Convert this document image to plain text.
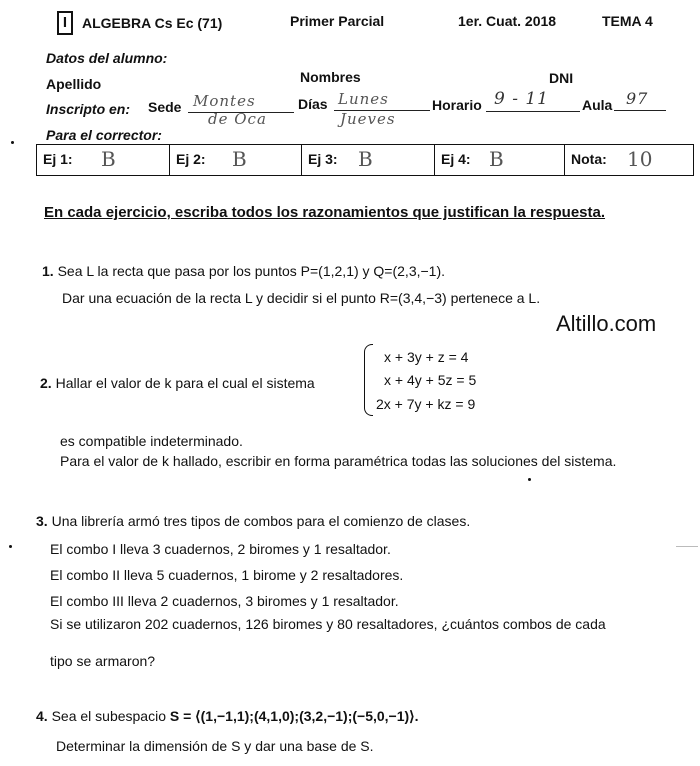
I	ALGEBRA Cs Ec (71)	Primer Parcial	1er. Cuat. 2018	TEMA 4
Datos del alumno:
Apellido	Nombres	DNI
Inscripto en: Sede Montes
de Oca
Días Lunes
Jueves
Horario 9 - 11 Aula 97
Para el corrector:
Ej 1: B	Ej 2: B	Ej 3: B	Ej 4: B	Nota: 10
En cada ejercicio, escriba todos los razonamientos que justifican la respuesta.
1. Sea L la recta que pasa por los puntos P=(1,2,1) y Q=(2,3,−1).
Dar una ecuación de la recta L y decidir si el punto R=(3,4,−3) pertenece a L.
Altillo.com
2. Hallar el valor de k para el cual el sistema
x + 3y + z = 4
x + 4y + 5z = 5
2x + 7y + kz = 9
es compatible indeterminado.
Para el valor de k hallado, escribir en forma paramétrica todas las soluciones del sistema.
3. Una librería armó tres tipos de combos para el comienzo de clases.
El combo I lleva 3 cuadernos, 2 biromes y 1 resaltador.
El combo II lleva 5 cuadernos, 1 birome y 2 resaltadores.
El combo III lleva 2 cuadernos, 3 biromes y 1 resaltador.
Si se utilizaron 202 cuadernos, 126 biromes y 80 resaltadores, ¿cuántos combos de cada
tipo se armaron?
4. Sea el subespacio S = ⟨(1,−1,1);(4,1,0);(3,2,−1);(−5,0,−1)⟩.
Determinar la dimensión de S y dar una base de S.
